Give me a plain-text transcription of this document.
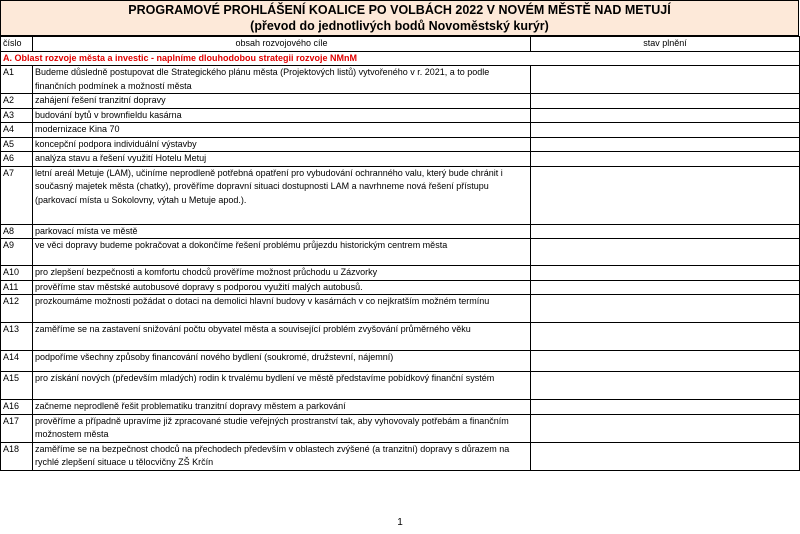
PROGRAMOVÉ PROHLÁŠENÍ KOALICE PO VOLBÁCH 2022 V NOVÉM MĚSTĚ NAD METUJÍ
(převod do jednotlivých bodů Novoměstský kurýr)
číslo	obsah rozvojového cíle	stav plnění
A. Oblast rozvoje města a investic - naplníme dlouhodobou strategii rozvoje NMnM		
A1	Budeme důsledně postupovat dle Strategického plánu města (Projektových listů) vytvořeného v r. 2021, a to podle finančních podmínek a možností města	
A2	zahájení řešení tranzitní dopravy	
A3	budování bytů v brownfieldu kasárna	
A4	modernizace Kina 70	
A5	koncepční podpora individuální výstavby	
A6	analýza stavu a řešení využití Hotelu Metuj	
A7	letní areál Metuje (LAM), učiníme neprodleně potřebná opatření pro vybudování ochranného valu, který bude chránit i současný majetek města (chatky), prověříme dopravní situaci dostupnosti LAM a navrhneme nová řešení přístupu (parkovací místa u Sokolovny, výtah u Metuje apod.).	
A8	parkovací místa ve městě	
A9	ve věci dopravy budeme pokračovat a dokončíme řešení problému průjezdu historickým centrem města	
A10	pro zlepšení bezpečnosti a komfortu chodců prověříme možnost průchodu u Zázvorky	
A11	prověříme stav městské autobusové dopravy s podporou využití malých autobusů.	
A12	prozkoumáme možnosti požádat o dotaci na demolici hlavní budovy v kasárnách v co nejkratším možném termínu	
A13	zaměříme se na zastavení snižování počtu obyvatel města a související problém zvyšování průměrného věku	
A14	podpoříme všechny způsoby financování nového bydlení (soukromé, družstevní, nájemní)	
A15	pro získání nových (především mladých) rodin k trvalému bydlení ve městě představíme pobídkový finanční systém	
A16	začneme neprodleně řešit problematiku tranzitní dopravy městem a parkování	
A17	prověříme a případně upravíme již zpracované studie veřejných prostranství tak, aby vyhovovaly potřebám a finančním možnostem města	
A18	zaměříme se na bezpečnost chodců na přechodech především v oblastech zvýšené (a tranzitní) dopravy s důrazem na rychlé zlepšení situace u tělocvičny ZŠ Krčín	
1
